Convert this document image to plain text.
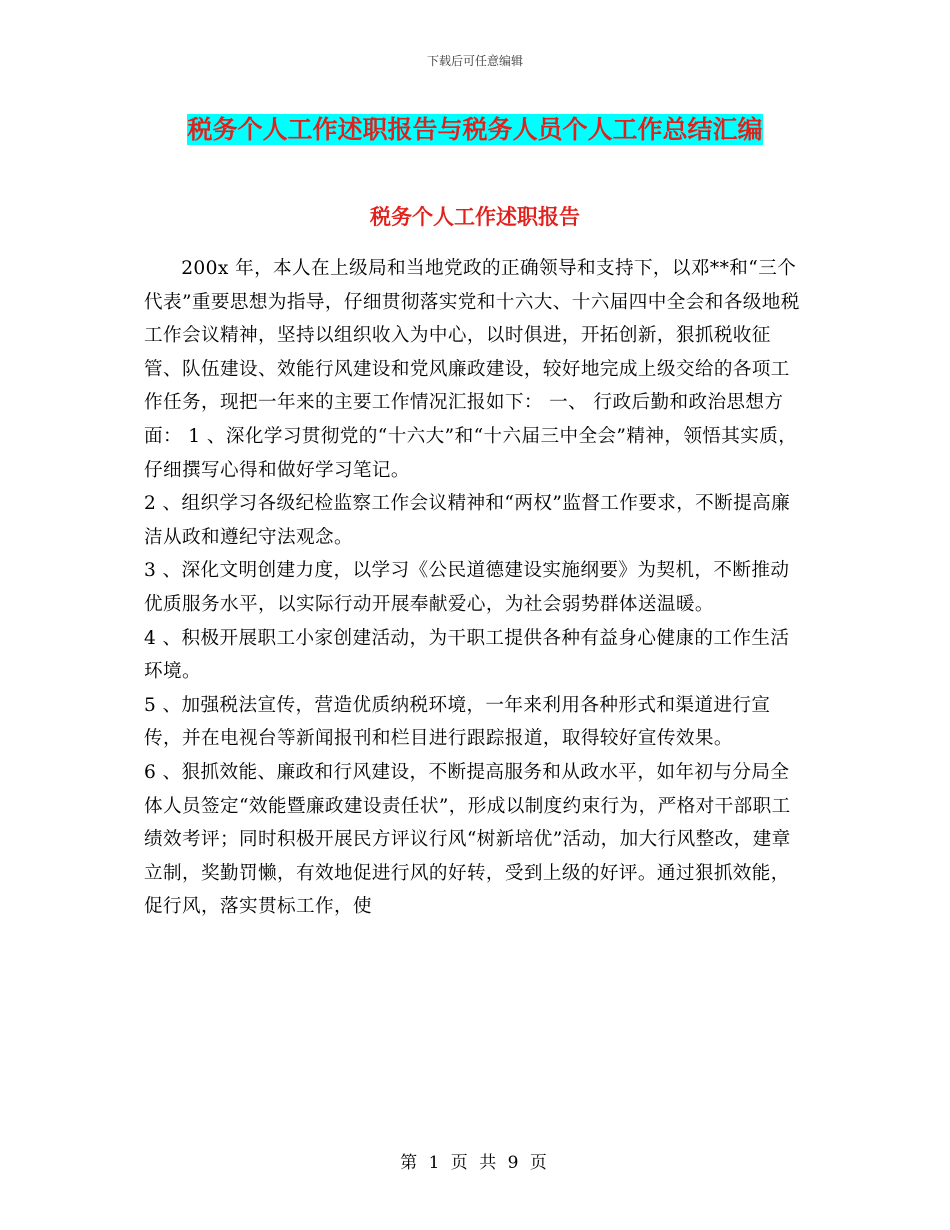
下载后可任意编辑
税务个人工作述职报告与税务人员个人工作总结汇编
税务个人工作述职报告

200x 年，本人在上级局和当地党政的正确领导和支持下，以邓**和“三个代表”重要思想为指导，仔细贯彻落实党和十六大、十六届四中全会和各级地税工作会议精神，坚持以组织收入为中心，以时俱进，开拓创新，狠抓税收征管、队伍建设、效能行风建设和党风廉政建设，较好地完成上级交给的各项工作任务，现把一年来的主要工作情况汇报如下： 一、 行政后勤和政治思想方面： 1 、深化学习贯彻党的“十六大”和“十六届三中全会”精神，领悟其实质，仔细撰写心得和做好学习笔记。

2 、组织学习各级纪检监察工作会议精神和“两权”监督工作要求，不断提高廉洁从政和遵纪守法观念。

3 、深化文明创建力度，以学习《公民道德建设实施纲要》为契机，不断推动优质服务水平，以实际行动开展奉献爱心，为社会弱势群体送温暖。

4 、积极开展职工小家创建活动，为干职工提供各种有益身心健康的工作生活环境。

5 、加强税法宣传，营造优质纳税环境，一年来利用各种形式和渠道进行宣传，并在电视台等新闻报刊和栏目进行跟踪报道，取得较好宣传效果。

6 、狠抓效能、廉政和行风建设，不断提高服务和从政水平，如年初与分局全体人员签定“效能暨廉政建设责任状”，形成以制度约束行为，严格对干部职工绩效考评；同时积极开展民方评议行风“树新培优”活动，加大行风整改，建章立制，奖勤罚懒，有效地促进行风的好转，受到上级的好评。通过狠抓效能，促行风，落实贯标工作，使

第 1 页 共 9 页
